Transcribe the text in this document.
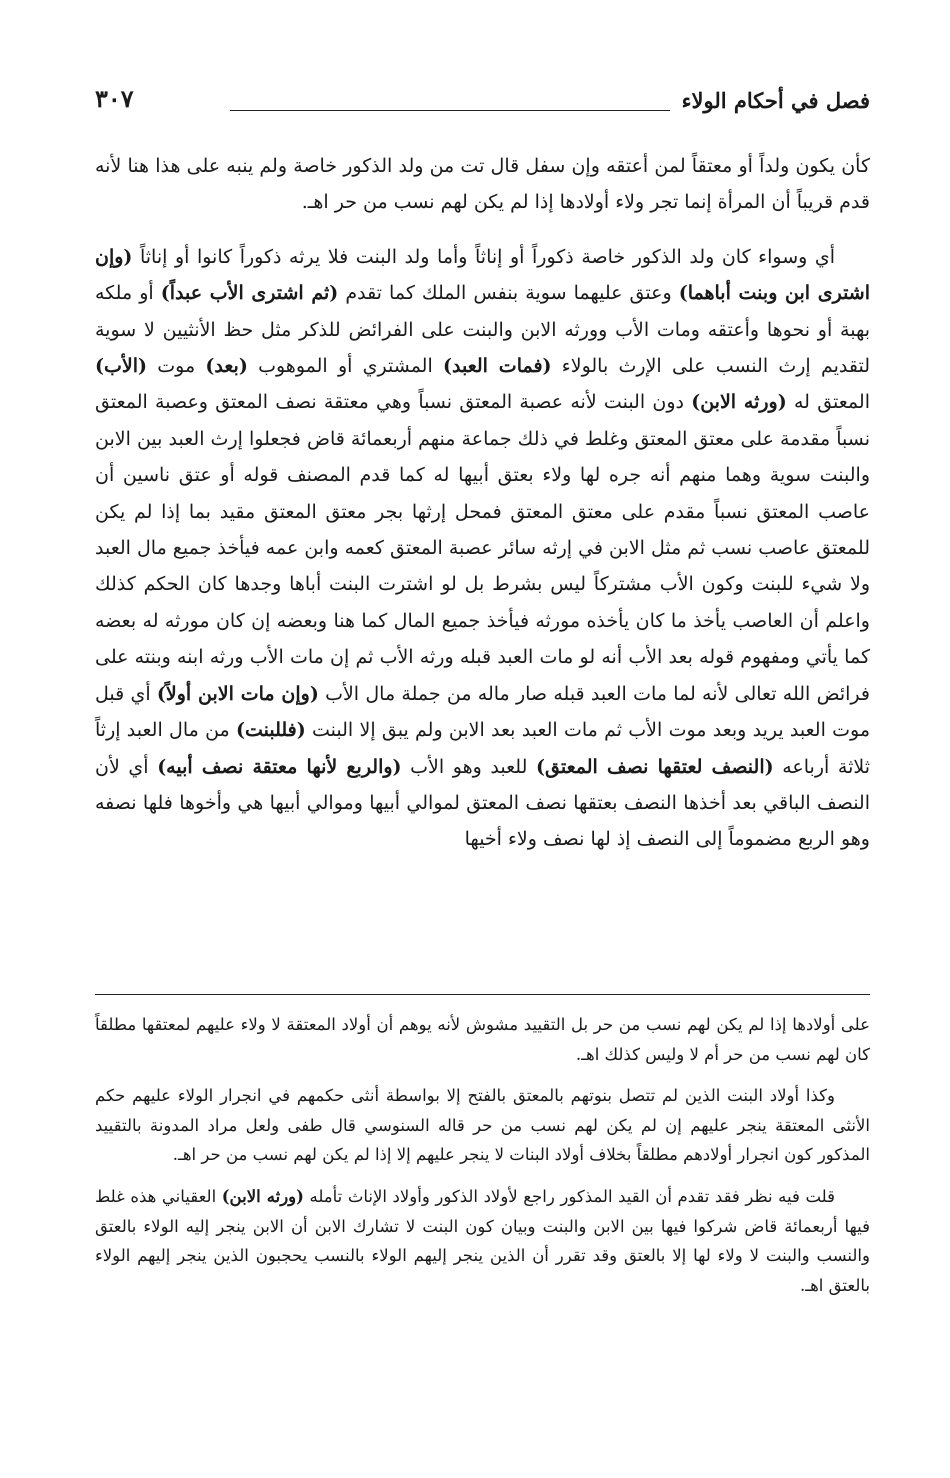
فصل في أحكام الولاء
٣٠٧

كأن يكون ولداً أو معتقاً لمن أعتقه وإن سفل قال تت من ولد الذكور خاصة ولم ينبه على هذا هنا لأنه قدم قريباً أن المرأة إنما تجر ولاء أولادها إذا لم يكن لهم نسب من حر اهـ.

أي وسواء كان ولد الذكور خاصة ذكوراً أو إناثاً وأما ولد البنت فلا يرثه ذكوراً كانوا أو إناثاً (وإن اشترى ابن وبنت أباهما) وعتق عليهما سوية بنفس الملك كما تقدم (ثم اشترى الأب عبداً) أو ملكه بهبة أو نحوها وأعتقه ومات الأب وورثه الابن والبنت على الفرائض للذكر مثل حظ الأنثيين لا سوية لتقديم إرث النسب على الإرث بالولاء (فمات العبد) المشتري أو الموهوب (بعد) موت (الأب) المعتق له (ورثه الابن) دون البنت لأنه عصبة المعتق نسباً وهي معتقة نصف المعتق وعصبة المعتق نسباً مقدمة على معتق المعتق وغلط في ذلك جماعة منهم أربعمائة قاض فجعلوا إرث العبد بين الابن والبنت سوية وهما منهم أنه جره لها ولاء بعتق أبيها له كما قدم المصنف قوله أو عتق ناسين أن عاصب المعتق نسباً مقدم على معتق المعتق فمحل إرثها بجر معتق المعتق مقيد بما إذا لم يكن للمعتق عاصب نسب ثم مثل الابن في إرثه سائر عصبة المعتق كعمه وابن عمه فيأخذ جميع مال العبد ولا شيء للبنت وكون الأب مشتركاً ليس بشرط بل لو اشترت البنت أباها وجدها كان الحكم كذلك واعلم أن العاصب يأخذ ما كان يأخذه مورثه فيأخذ جميع المال كما هنا وبعضه إن كان مورثه له بعضه كما يأتي ومفهوم قوله بعد الأب أنه لو مات العبد قبله ورثه الأب ثم إن مات الأب ورثه ابنه وبنته على فرائض الله تعالى لأنه لما مات العبد قبله صار ماله من جملة مال الأب (وإن مات الابن أولاً) أي قبل موت العبد يريد وبعد موت الأب ثم مات العبد بعد الابن ولم يبق إلا البنت (فللبنت) من مال العبد إرثاً ثلاثة أرباعه (النصف لعتقها نصف المعتق) للعبد وهو الأب (والربع لأنها معتقة نصف أبيه) أي لأن النصف الباقي بعد أخذها النصف بعتقها نصف المعتق لموالي أبيها وموالي أبيها هي وأخوها فلها نصفه وهو الربع مضموماً إلى النصف إذ لها نصف ولاء أخيها

على أولادها إذا لم يكن لهم نسب من حر بل التقييد مشوش لأنه يوهم أن أولاد المعتقة لا ولاء عليهم لمعتقها مطلقاً كان لهم نسب من حر أم لا وليس كذلك اهـ.

وكذا أولاد البنت الذين لم تتصل بنوتهم بالمعتق بالفتح إلا بواسطة أنثى حكمهم في انجرار الولاء عليهم حكم الأنثى المعتقة ينجر عليهم إن لم يكن لهم نسب من حر قاله السنوسي قال طفى ولعل مراد المدونة بالتقييد المذكور كون انجرار أولادهم مطلقاً بخلاف أولاد البنات لا ينجر عليهم إلا إذا لم يكن لهم نسب من حر اهـ.

قلت فيه نظر فقد تقدم أن القيد المذكور راجع لأولاد الذكور وأولاد الإناث تأمله (ورثه الابن) العقياني هذه غلط فيها أربعمائة قاض شركوا فيها بين الابن والبنت وبيان كون البنت لا تشارك الابن أن الابن ينجر إليه الولاء بالعتق والنسب والبنت لا ولاء لها إلا بالعتق وقد تقرر أن الذين ينجر إليهم الولاء بالنسب يحجبون الذين ينجر إليهم الولاء بالعتق اهـ.
